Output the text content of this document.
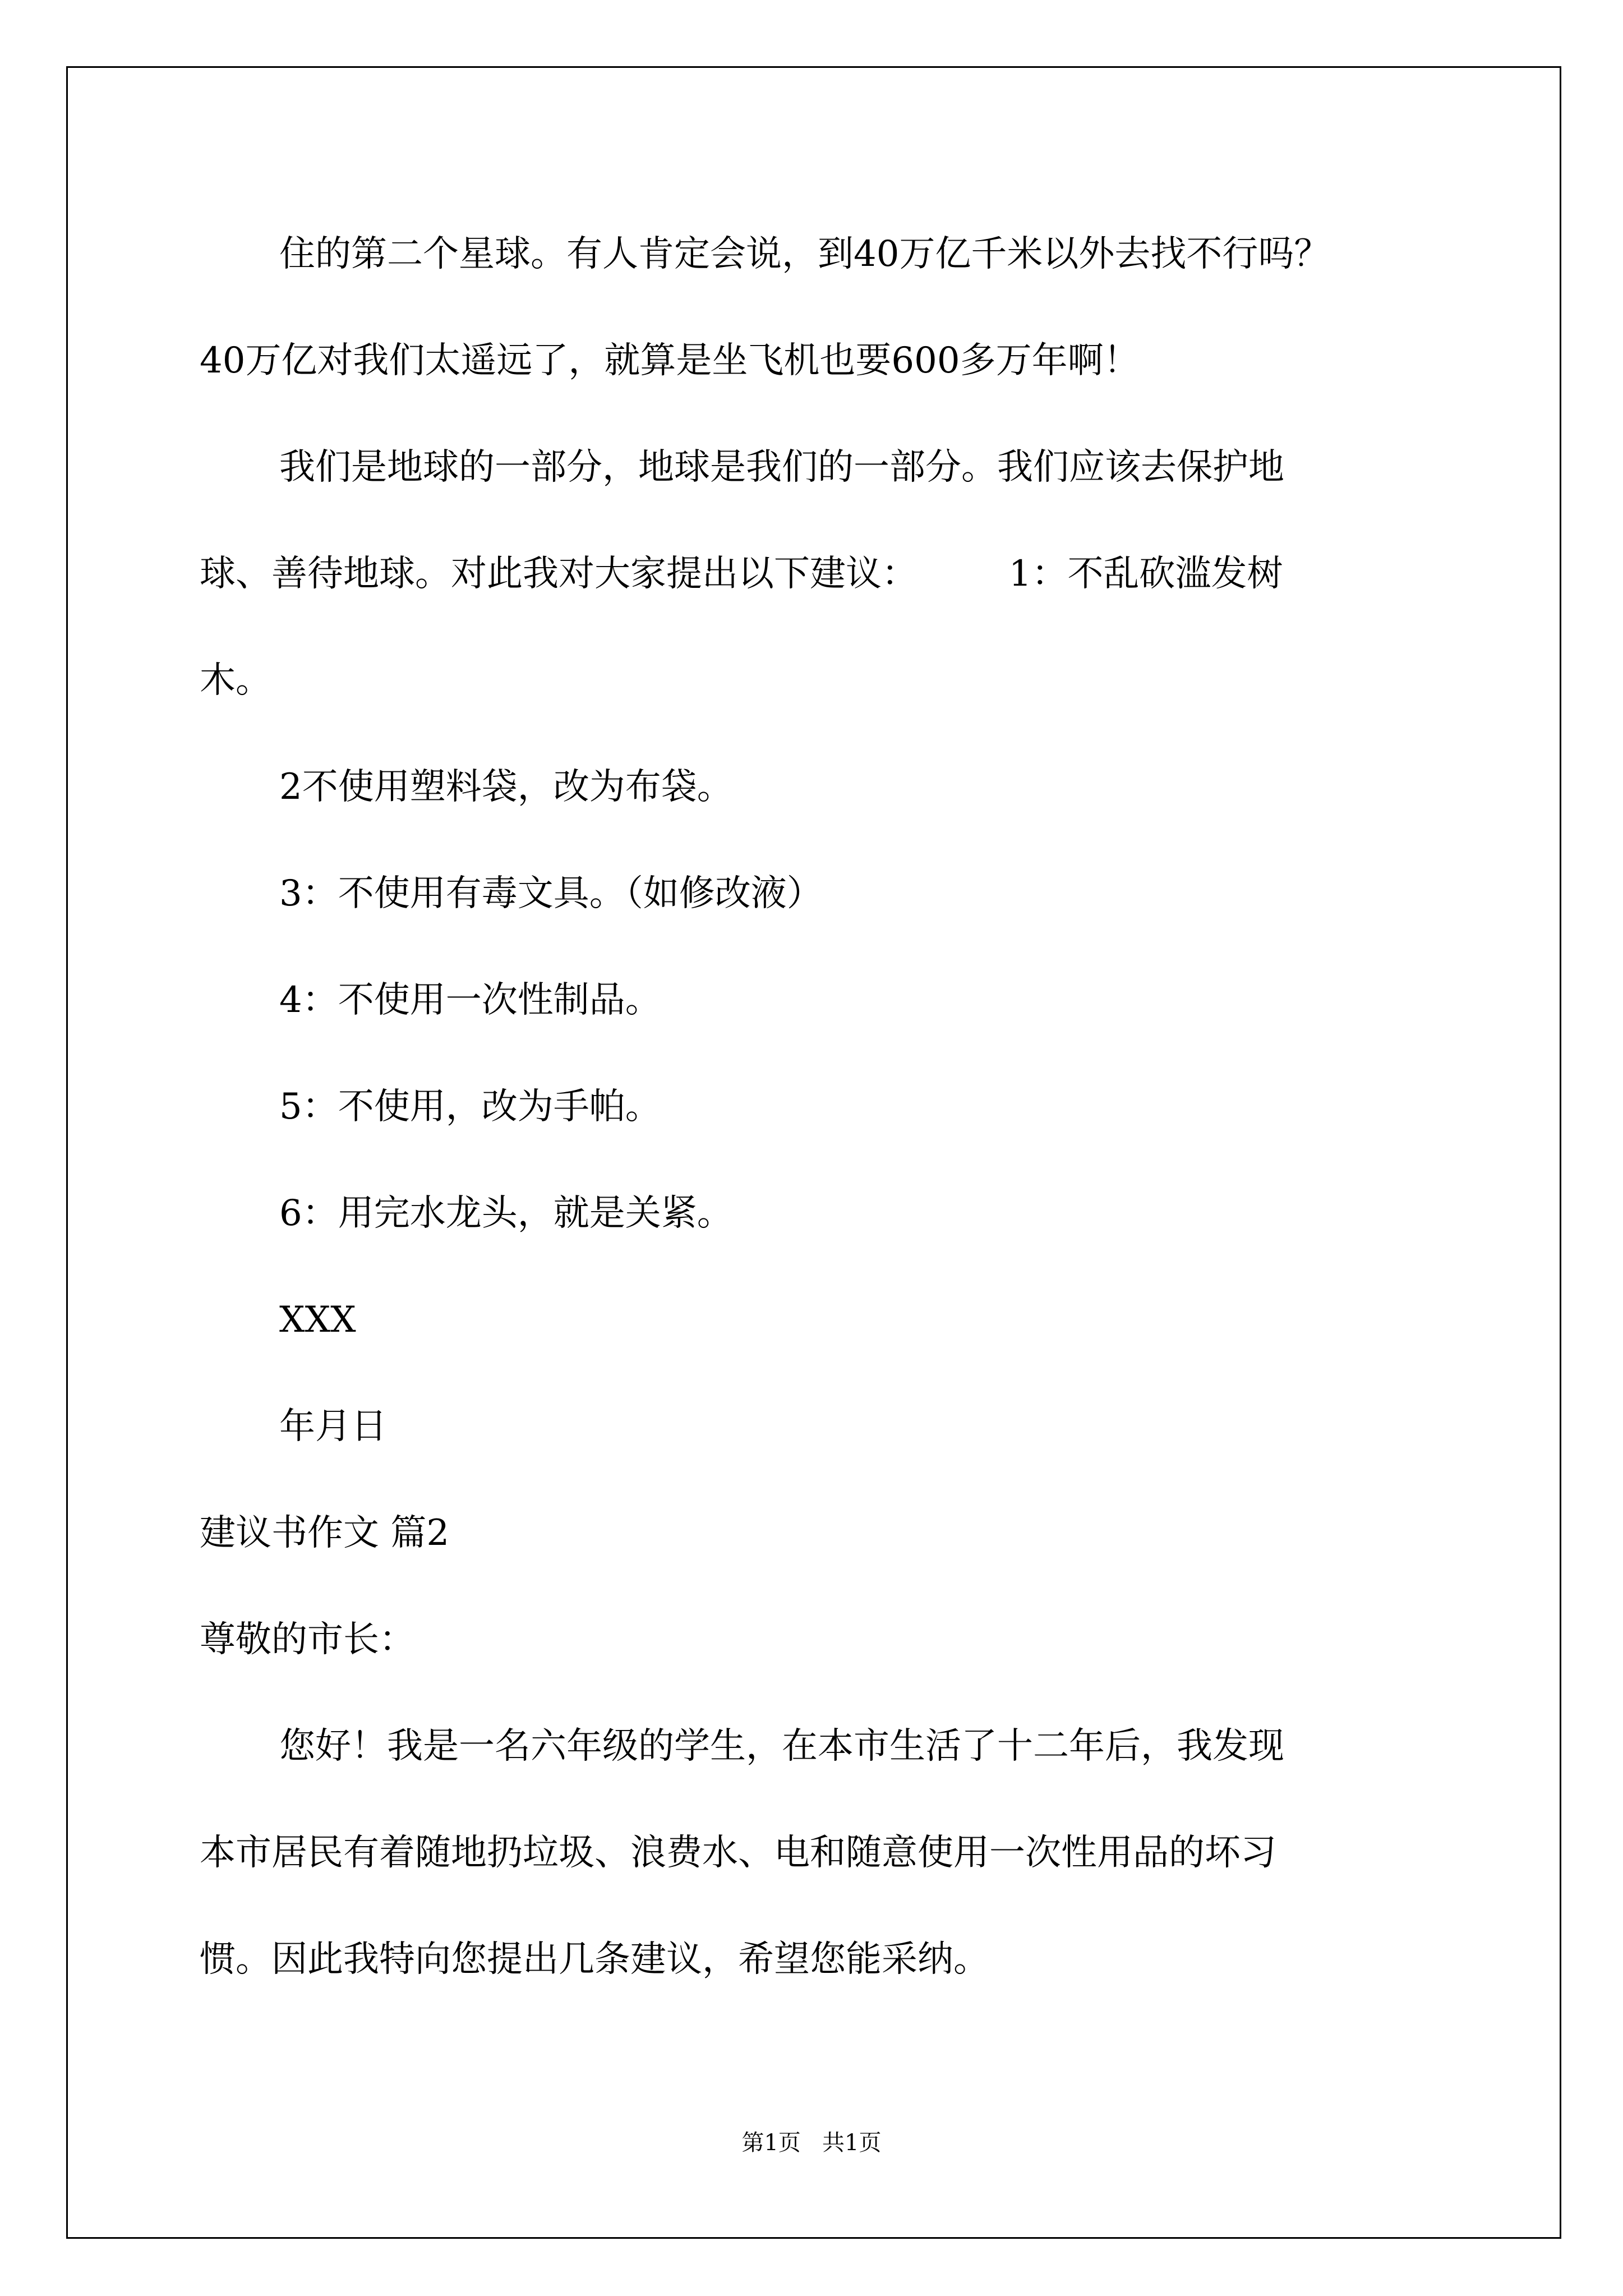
住的第二个星球。有人肯定会说，到40万亿千米以外去找不行吗？

40万亿对我们太遥远了，就算是坐飞机也要600多万年啊！

我们是地球的一部分，地球是我们的一部分。我们应该去保护地

球、善待地球。对此我对大家提出以下建议：        1：不乱砍滥发树

木。

2不使用塑料袋，改为布袋。

3：不使用有毒文具。（如修改液）

4：不使用一次性制品。

5：不使用，改为手帕。

6：用完水龙头，就是关紧。

XXX

年月日

建议书作文 篇2

尊敬的市长：

您好！我是一名六年级的学生，在本市生活了十二年后，我发现

本市居民有着随地扔垃圾、浪费水、电和随意使用一次性用品的坏习

惯。因此我特向您提出几条建议，希望您能采纳。

第1页   共1页
